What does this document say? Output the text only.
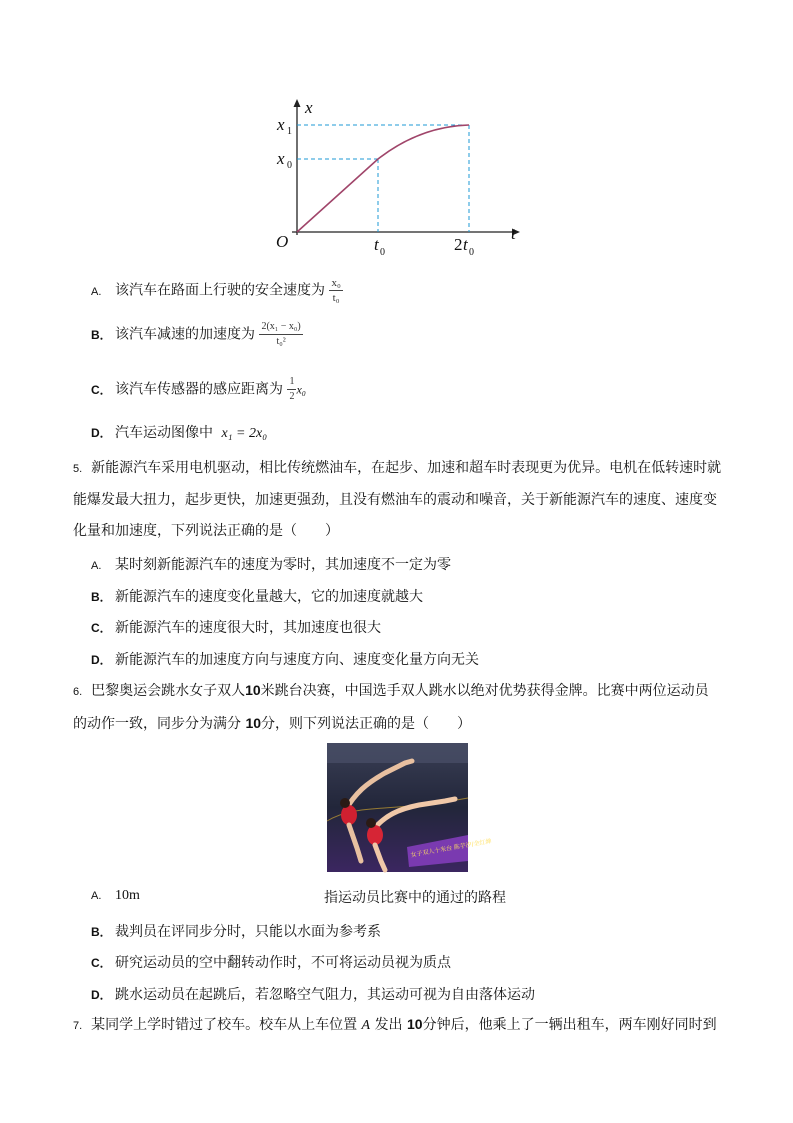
x
t
O
x 1
x 0
t 0	2 t 0
A. 该汽车在路面上行驶的安全速度为 $\frac{\text{x₀}}{\text{t₀}}$
B． 该汽车减速的加速度为 $\frac{\text{2(x₁ − x₀)}}{\text{t₀²}}$
C． 该汽车传感器的感应距离为 $\frac{1}{2} x_0$
D． 汽车运动图像中 x₁ = 2x₀
5. 新能源汽车采用电机驱动，相比传统燃油车，在起步、加速和超车时表现更为优异。电机在低转速时就
能爆发最大扭力，起步更快，加速更强劲，且没有燃油车的震动和噪音，关于新能源汽车的速度、速度变
化量和加速度，下列说法正确的是（　　）
A. 某时刻新能源汽车的速度为零时，其加速度不一定为零
B． 新能源汽车的速度变化量越大，它的加速度就越大
C． 新能源汽车的速度很大时，其加速度也很大
D． 新能源汽车的加速度方向与速度方向、速度变化量方向无关
6. 巴黎奥运会跳水女子双人10米跳台决赛，中国选手双人跳水以绝对优势获得金牌。比赛中两位运动员
的动作一致，同步分为满分 10分，则下列说法正确的是（　　）
女子双人十米台 陈芋汐/全红婵
A. 10m	指运动员比赛中的通过的路程
B． 裁判员在评同步分时，只能以水面为参考系
C． 研究运动员的空中翻转动作时，不可将运动员视为质点
D． 跳水运动员在起跳后，若忽略空气阻力，其运动可视为自由落体运动
7. 某同学上学时错过了校车。校车从上车位置 A 发出 10分钟后，他乘上了一辆出租车，两车刚好同时到
